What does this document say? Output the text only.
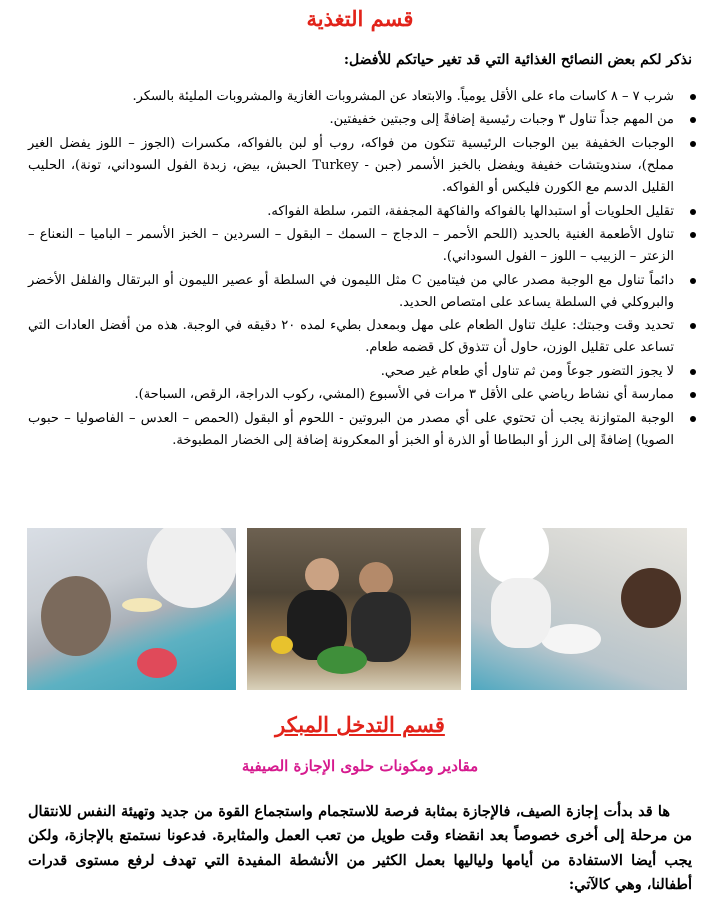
قسم التغذية

نذكر لكم بعض النصائح الغذائية التي قد تغير حياتكم للأفضل:

شرب ٧ – ٨ كاسات ماء على الأقل يومياً. والابتعاد عن المشروبات الغازية والمشروبات المليئة بالسكر.
من المهم جداً تناول ٣ وجبات رئيسية إضافةً إلى وجبتين خفيفتين.
الوجبات الخفيفة بين الوجبات الرئيسية تتكون من فواكه، روب أو لبن بالفواكه، مكسرات (الجوز – اللوز يفضل الغير مملح)، سندويتشات خفيفة ويفضل بالخبز الأسمر (جبن - Turkey الحبش، بيض، زبدة الفول السوداني، تونة)، الحليب القليل الدسم مع الكورن فليكس أو الفواكه.
تقليل الحلويات أو استبدالها بالفواكه والفاكهة المجففة، التمر، سلطة الفواكه.
تناول الأطعمة الغنية بالحديد (اللحم الأحمر – الدجاج – السمك – البقول – السردين – الخبز الأسمر – الباميا – النعناع – الزعتر – الزبيب – اللوز – الفول السوداني).
دائماً تناول مع الوجبة مصدر عالي من فيتامين C مثل الليمون في السلطة أو عصير الليمون أو البرتقال والفلفل الأخضر والبروكلي في السلطة يساعد على امتصاص الحديد.
تحديد وقت وجبتك: عليك تناول الطعام على مهل وبمعدل بطيء لمده ٢٠ دقيقه في الوجبة. هذه من أفضل العادات التي تساعد على تقليل الوزن، حاول أن تتذوق كل قضمه طعام.
لا يجوز التضور جوعاً ومن ثم تناول أي طعام غير صحي.
ممارسة أي نشاط رياضي على الأقل ٣ مرات في الأسبوع (المشي، ركوب الدراجة، الرقص، السباحة).
الوجبة المتوازنة يجب أن تحتوي على أي مصدر من البروتين - اللحوم أو البقول (الحمص – العدس – الفاصوليا – حبوب الصويا) إضافةً إلى الرز أو البطاطا أو الذرة أو الخبز أو المعكرونة إضافة إلى الخضار المطبوخة.
قسم التدخل المبكر

مقادير ومكونات حلوى الإجازة الصيفية

ها قد بدأت إجازة الصيف، فالإجازة بمثابة فرصة للاستجمام واستجماع القوة من جديد وتهيئة النفس للانتقال من مرحلة إلى أخرى خصوصاً بعد انقضاء وقت طويل من تعب العمل والمثابرة. فدعونا نستمتع بالإجازة، ولكن يجب أيضا الاستفادة من أيامها ولياليها بعمل الكثير من الأنشطة المفيدة التي تهدف لرفع مستوى قدرات أطفالنا، وهي كالآتي:
